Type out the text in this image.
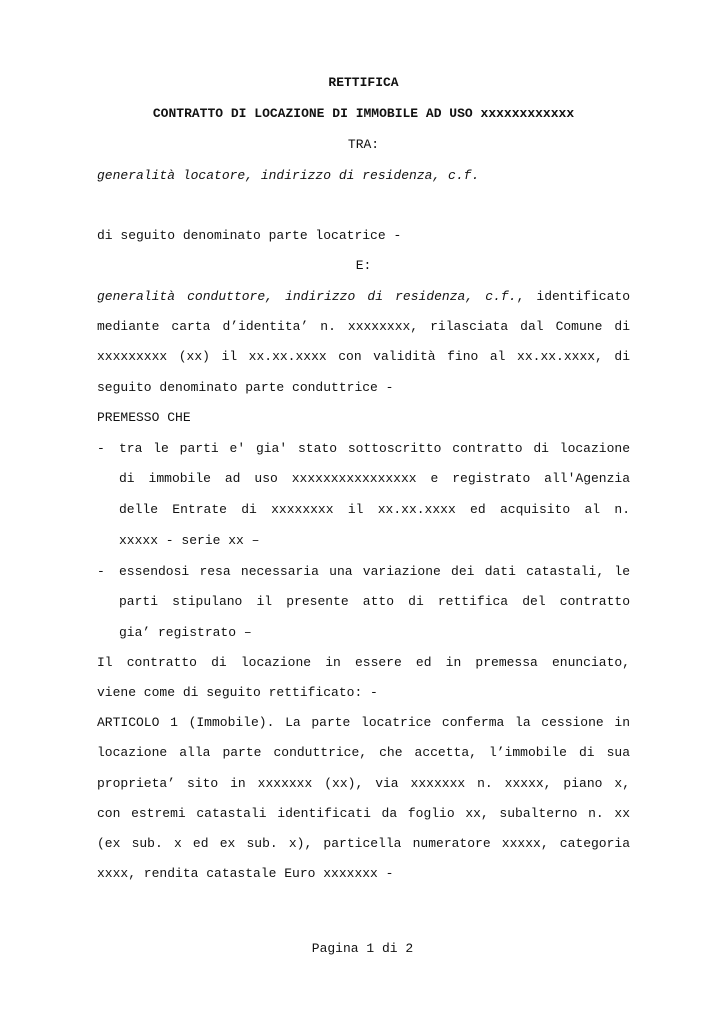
RETTIFICA
CONTRATTO DI LOCAZIONE DI IMMOBILE AD USO xxxxxxxxxxxx
TRA:
generalità locatore, indirizzo di residenza, c.f.
di seguito denominato parte locatrice -
E:
generalità conduttore, indirizzo di residenza, c.f., identificato
mediante carta d’identita’ n. xxxxxxxx, rilasciata dal Comune di
xxxxxxxxx (xx) il xx.xx.xxxx con validità fino al xx.xx.xxxx, di
seguito denominato parte conduttrice -
PREMESSO CHE
- tra le parti e' gia' stato sottoscritto contratto di locazione
di immobile ad uso xxxxxxxxxxxxxxxx e registrato all'Agenzia
delle Entrate di xxxxxxxx il xx.xx.xxxx ed acquisito al n.
xxxxx - serie xx –
- essendosi resa necessaria una variazione dei dati catastali, le
parti stipulano il presente atto di rettifica del contratto
gia’ registrato –
Il contratto di locazione in essere ed in premessa enunciato,
viene come di seguito rettificato: -
ARTICOLO 1 (Immobile). La parte locatrice conferma la cessione in
locazione alla parte conduttrice, che accetta, l’immobile di sua
proprieta’ sito in xxxxxxx (xx), via xxxxxxx n. xxxxx, piano x,
con estremi catastali identificati da foglio xx, subalterno n. xx
(ex sub. x ed ex sub. x), particella numeratore xxxxx, categoria
xxxx, rendita catastale Euro xxxxxxx -
Pagina 1 di 2
